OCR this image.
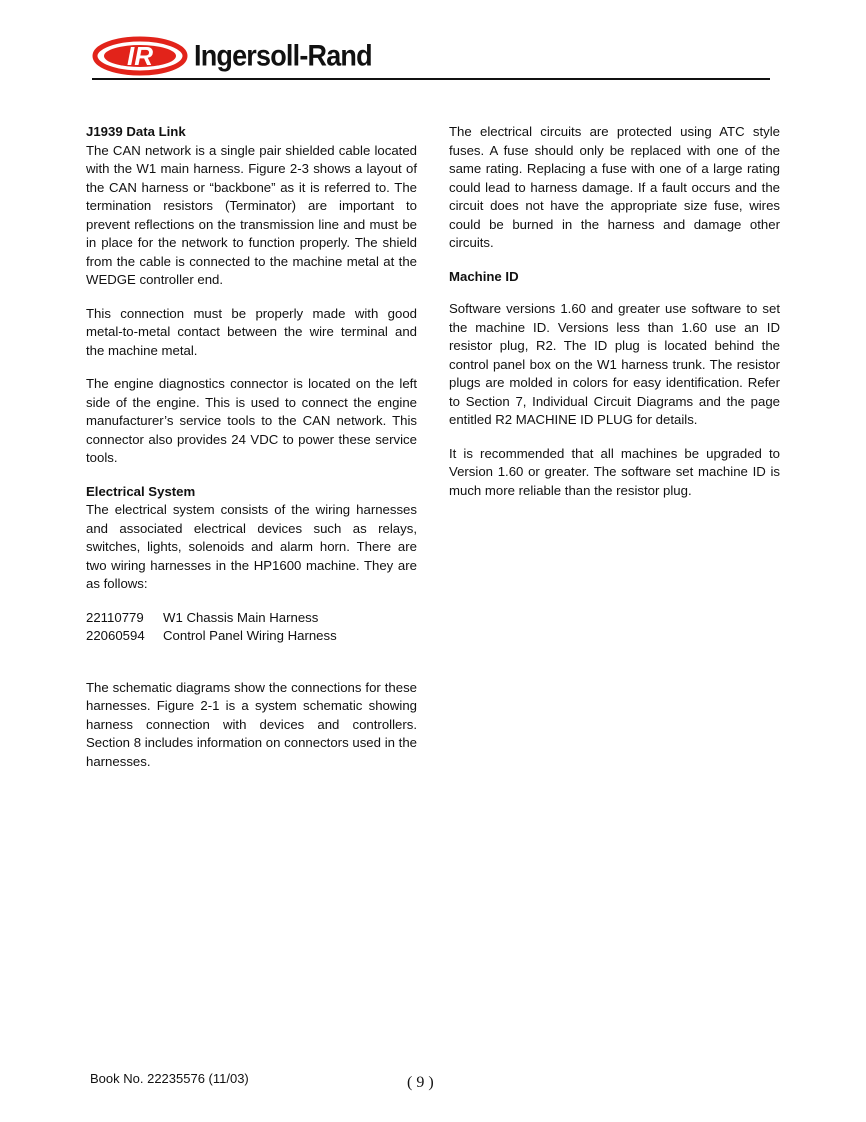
IR Ingersoll-Rand
J1939 Data Link

The CAN network is a single pair shielded cable located with the W1 main harness. Figure 2-3 shows a layout of the CAN harness or “backbone” as it is referred to. The termination resistors (Terminator) are important to prevent reflections on the transmission line and must be in place for the network to function properly. The shield from the cable is connected to the machine metal at the WEDGE controller end.

This connection must be properly made with good metal-to-metal contact between the wire terminal and the machine metal.

The engine diagnostics connector is located on the left side of the engine. This is used to connect the engine manufacturer’s service tools to the CAN network. This connector also provides 24 VDC to power these service tools.

Electrical System

The electrical system consists of the wiring harnesses and associated electrical devices such as relays, switches, lights, solenoids and alarm horn. There are two wiring harnesses in the HP1600 machine. They are as follows:

22110779	W1 Chassis Main Harness
22060594	Control Panel Wiring Harness

The schematic diagrams show the connections for these harnesses. Figure 2-1 is a system schematic showing harness connection with devices and controllers. Section 8 includes information on connectors used in the harnesses.

The electrical circuits are protected using ATC style fuses. A fuse should only be replaced with one of the same rating. Replacing a fuse with one of a large rating could lead to harness damage. If a fault occurs and the circuit does not have the appropriate size fuse, wires could be burned in the harness and damage other circuits.

Machine ID

Software versions 1.60 and greater use software to set the machine ID. Versions less than 1.60 use an ID resistor plug, R2. The ID plug is located behind the control panel box on the W1 harness trunk. The resistor plugs are molded in colors for easy identification. Refer to Section 7, Individual Circuit Diagrams and the page entitled R2 MACHINE ID PLUG for details.

It is recommended that all machines be upgraded to Version 1.60 or greater. The software set machine ID is much more reliable than the resistor plug.

Book No. 22235576 (11/03)	( 9 )
